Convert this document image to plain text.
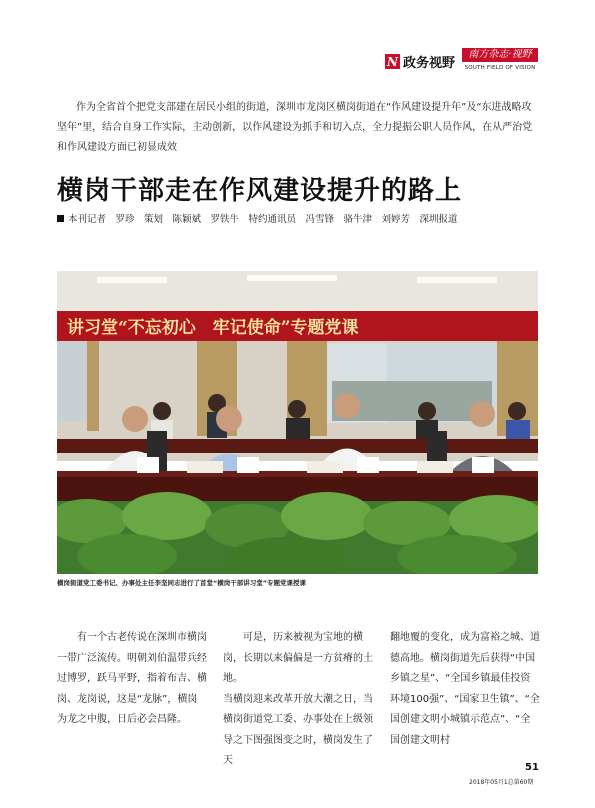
N 政务视野
南方杂志·视野
SOUTH FIELD OF VISION
作为全省首个把党支部建在居民小组的街道，深圳市龙岗区横岗街道在“作风建设提升年”及“东进战略攻坚年”里，结合自身工作实际，主动创新，以作风建设为抓手和切入点，全力提振公职人员作风，在从严治党和作风建设方面已初显成效
横岗干部走在作风建设提升的路上
本刊记者　罗珍　策划　陈颖斌　罗铁牛　特约通讯员　冯雪锋　骆牛津　刘婷芳　深圳报道
讲习堂“不忘初心　牢记使命”专题党课
横岗街道党工委书记、办事处主任李坚同志进行了首堂“横岗干部讲习堂”专题党课授课
有一个古老传说在深圳市横岗一带广泛流传。明朝刘伯温带兵经过博罗，跃马平野，指着布吉、横岗、龙岗说，这是“龙脉”，横岗为龙之中腹，日后必会昌隆。
可是，历来被视为宝地的横岗，长期以来偏偏是一方贫瘠的土地。
当横岗迎来改革开放大潮之日，当横岗街道党工委、办事处在上级领导之下图强图变之时，横岗发生了天
翻地覆的变化，成为富裕之城、道德高地。横岗街道先后获得“中国乡镇之星”、“全国乡镇最佳投资环境100强”、“国家卫生镇”、“全国创建文明小城镇示范点”、“全国创建文明村
51
2018年05月1总第60期
